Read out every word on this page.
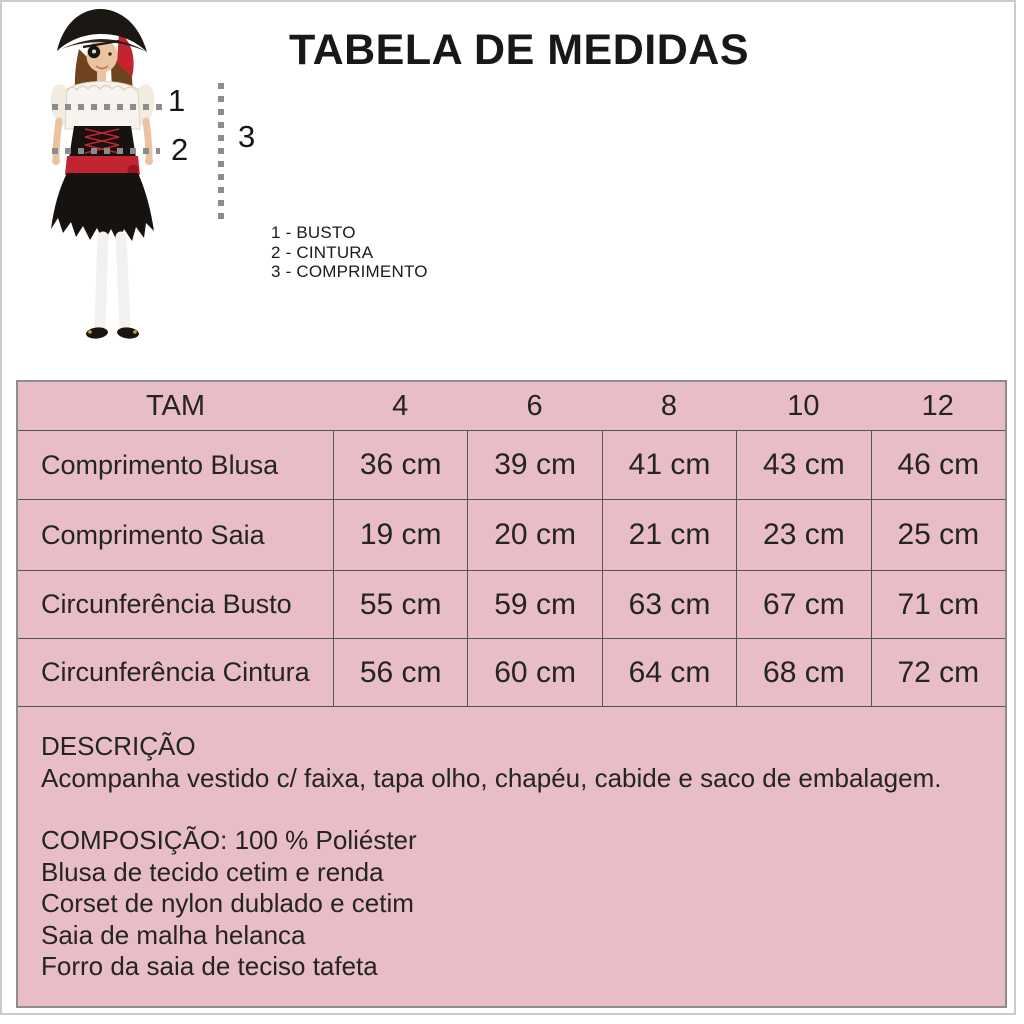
TABELA DE MEDIDAS
1
2 3
1 - BUSTO
2 - CINTURA
3 - COMPRIMENTO
TAM	4	6	8	10	12
Comprimento Blusa	36 cm	39 cm	41 cm	43 cm	46 cm
Comprimento Saia	19 cm	20 cm	21 cm	23 cm	25 cm
Circunferência Busto	55 cm	59 cm	63 cm	67 cm	71 cm
Circunferência Cintura	56 cm	60 cm	64 cm	68 cm	72 cm
DESCRIÇÃO
Acompanha vestido c/ faixa, tapa olho, chapéu, cabide e saco de embalagem.
COMPOSIÇÃO: 100 % Poliéster
Blusa de tecido cetim e renda
Corset de nylon dublado e cetim
Saia de malha helanca
Forro da saia de teciso tafeta
